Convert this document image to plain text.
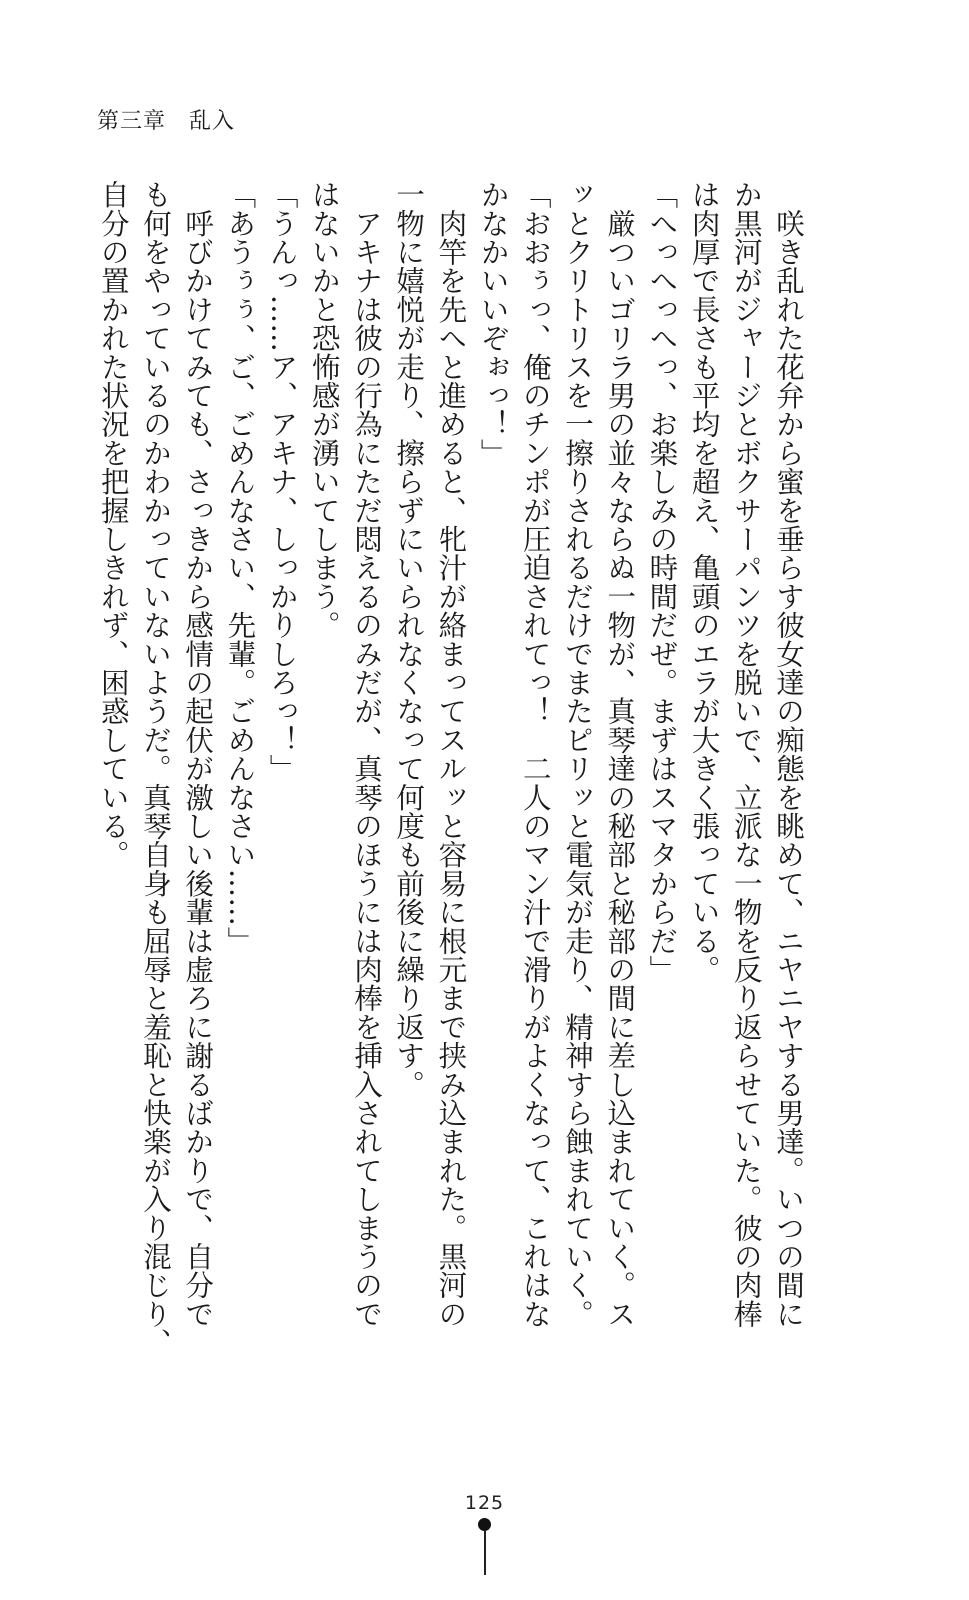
第三章　乱入
　咲き乱れた花弁から蜜を垂らす彼女達の痴態を眺めて、ニヤニヤする男達。いつの間に
か黒河がジャージとボクサーパンツを脱いで、立派な一物を反り返らせていた。彼の肉棒
は肉厚で長さも平均を超え、亀頭のエラが大きく張っている。
「へっへっへっ、お楽しみの時間だぜ。まずはスマタからだ」
　厳ついゴリラ男の並々ならぬ一物が、真琴達の秘部と秘部の間に差し込まれていく。ス
ッとクリトリスを一擦りされるだけでまたピリッと電気が走り、精神すら蝕まれていく。
「おおぅっ、俺のチンポが圧迫されてっ！　二人のマン汁で滑りがよくなって、これはな
かなかいいぞぉっ！」
　肉竿を先へと進めると、牝汁が絡まってスルッと容易に根元まで挟み込まれた。黒河の
一物に嬉悦が走り、擦らずにいられなくなって何度も前後に繰り返す。
　アキナは彼の行為にただ悶えるのみだが、真琴のほうには肉棒を挿入されてしまうので
はないかと恐怖感が湧いてしまう。
「うんっ……ア、アキナ、しっかりしろっ！」
「あうぅぅ、ご、ごめんなさい、先輩。ごめんなさい……」
　呼びかけてみても、さっきから感情の起伏が激しい後輩は虚ろに謝るばかりで、自分で
も何をやっているのかわかっていないようだ。真琴自身も屈辱と羞恥と快楽が入り混じり、
自分の置かれた状況を把握しきれず、困惑している。
125
